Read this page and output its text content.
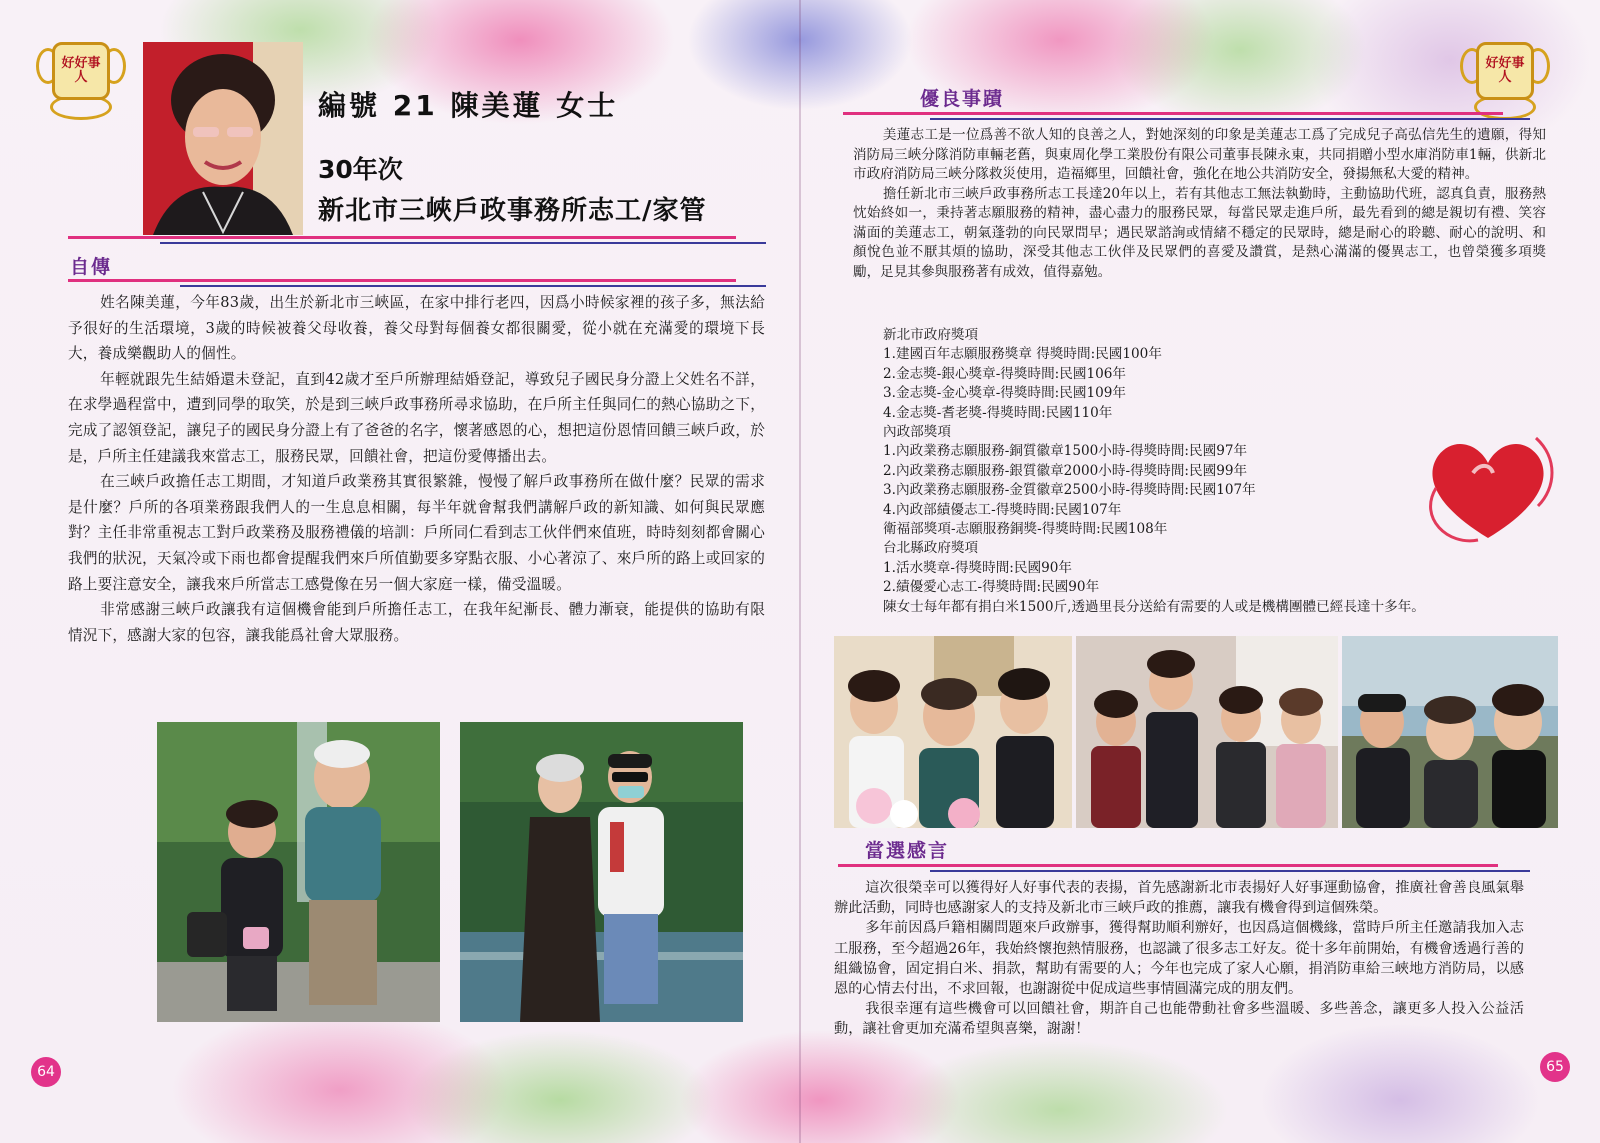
好 好 事
人
好 好 事
人
編號 21 陳美蓮 女士
30年次
新北市三峽戶政事務所志工/家管
自傳

姓名陳美蓮，今年83歲，出生於新北市三峽區，在家中排行老四，因爲小時候家裡的孩子多，無法給予很好的生活環境，3歲的時候被養父母收養，養父母對每個養女都很關愛，從小就在充滿愛的環境下長大，養成樂觀助人的個性。

年輕就跟先生結婚還未登記，直到42歲才至戶所辦理結婚登記，導致兒子國民身分證上父姓名不詳，在求學過程當中，遭到同學的取笑，於是到三峽戶政事務所尋求協助，在戶所主任與同仁的熱心協助之下，完成了認領登記，讓兒子的國民身分證上有了爸爸的名字，懷著感恩的心，想把這份恩情回饋三峽戶政，於是，戶所主任建議我來當志工，服務民眾，回饋社會，把這份愛傳播出去。

在三峽戶政擔任志工期間，才知道戶政業務其實很繁雜，慢慢了解戶政事務所在做什麼？民眾的需求是什麼？戶所的各項業務跟我們人的一生息息相關，每半年就會幫我們講解戶政的新知識、如何與民眾應對？主任非常重視志工對戶政業務及服務禮儀的培訓：戶所同仁看到志工伙伴們來值班，時時刻刻都會關心我們的狀況，天氣冷或下雨也都會提醒我們來戶所值勤要多穿點衣服、小心著涼了、來戶所的路上或回家的路上要注意安全，讓我來戶所當志工感覺像在另一個大家庭一樣，備受溫暖。

非常感謝三峽戶政讓我有這個機會能到戶所擔任志工，在我年紀漸長、體力漸衰，能提供的協助有限情況下，感謝大家的包容，讓我能爲社會大眾服務。

64
優良事蹟

美蓮志工是一位爲善不欲人知的良善之人，對她深刻的印象是美蓮志工爲了完成兒子高弘信先生的遺願，得知消防局三峽分隊消防車輛老舊，與東周化學工業股份有限公司董事長陳永東，共同捐贈小型水庫消防車1輛，供新北市政府消防局三峽分隊救災使用，造福鄉里，回饋社會，強化在地公共消防安全，發揚無私大愛的精神。

擔任新北市三峽戶政事務所志工長達20年以上，若有其他志工無法執勤時，主動協助代班，認真負責，服務熱忱始終如一，秉持著志願服務的精神，盡心盡力的服務民眾，每當民眾走進戶所，最先看到的總是親切有禮、笑容滿面的美蓮志工，朝氣蓬勃的向民眾問早；遇民眾諮詢或情緒不穩定的民眾時，總是耐心的聆聽、耐心的說明、和顏悅色並不厭其煩的協助，深受其他志工伙伴及民眾們的喜愛及讚賞，是熱心滿滿的優異志工，也曾榮獲多項獎勵，足見其參與服務著有成效，值得嘉勉。

新北市政府獎項
1.建國百年志願服務獎章 得獎時間:民國100年
2.金志獎-銀心獎章-得獎時間:民國106年
3.金志獎-金心獎章-得獎時間:民國109年
4.金志獎-耆老獎-得獎時間:民國110年
內政部獎項
1.內政業務志願服務-銅質徽章1500小時-得獎時間:民國97年
2.內政業務志願服務-銀質徽章2000小時-得獎時間:民國99年
3.內政業務志願服務-金質徽章2500小時-得獎時間:民國107年
4.內政部績優志工-得獎時間:民國107年
衛福部獎項-志願服務銅獎-得獎時間:民國108年
台北縣政府獎項
1.活水獎章-得獎時間:民國90年
2.績優愛心志工-得獎時間:民國90年
陳女士每年都有捐白米1500斤,透過里長分送給有需要的人或是機構團體已經長達十多年。
當選感言

這次很榮幸可以獲得好人好事代表的表揚，首先感謝新北市表揚好人好事運動協會，推廣社會善良風氣舉辦此活動，同時也感謝家人的支持及新北市三峽戶政的推薦，讓我有機會得到這個殊榮。

多年前因爲戶籍相關問題來戶政辦事，獲得幫助順利辦好，也因爲這個機緣，當時戶所主任邀請我加入志工服務，至今超過26年，我始終懷抱熱情服務，也認識了很多志工好友。從十多年前開始，有機會透過行善的組織協會，固定捐白米、捐款，幫助有需要的人；今年也完成了家人心願，捐消防車給三峽地方消防局，以感恩的心情去付出，不求回報，也謝謝從中促成這些事情圓滿完成的朋友們。

我很幸運有這些機會可以回饋社會，期許自己也能帶動社會多些溫暖、多些善念，讓更多人投入公益活動，讓社會更加充滿希望與喜樂，謝謝！

65
